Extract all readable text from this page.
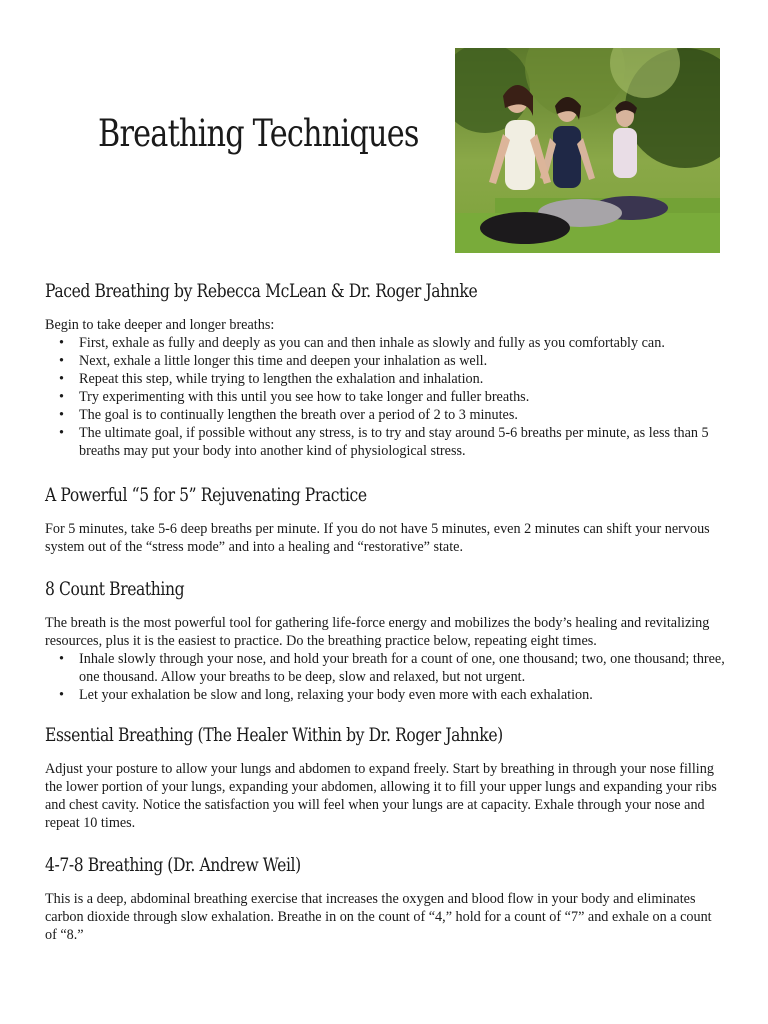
Breathing Techniques
Paced Breathing by Rebecca McLean & Dr. Roger Jahnke

Begin to take deeper and longer breaths:

• First, exhale as fully and deeply as you can and then inhale as slowly and fully as you comfortably can.
• Next, exhale a little longer this time and deepen your inhalation as well.
• Repeat this step, while trying to lengthen the exhalation and inhalation.
• Try experimenting with this until you see how to take longer and fuller breaths.
• The goal is to continually lengthen the breath over a period of 2 to 3 minutes.
• The ultimate goal, if possible without any stress, is to try and stay around 5-6 breaths per minute, as less than 5 breaths may put your body into another kind of physiological stress.
A Powerful “5 for 5” Rejuvenating Practice

For 5 minutes, take 5-6 deep breaths per minute. If you do not have 5 minutes, even 2 minutes can shift your nervous system out of the “stress mode” and into a healing and “restorative” state.

8 Count Breathing

The breath is the most powerful tool for gathering life-force energy and mobilizes the body’s healing and revitalizing resources, plus it is the easiest to practice. Do the breathing practice below, repeating eight times.

• Inhale slowly through your nose, and hold your breath for a count of one, one thousand; two, one thousand; three, one thousand. Allow your breaths to be deep, slow and relaxed, but not urgent.
• Let your exhalation be slow and long, relaxing your body even more with each exhalation.
Essential Breathing (The Healer Within by Dr. Roger Jahnke)

Adjust your posture to allow your lungs and abdomen to expand freely. Start by breathing in through your nose filling the lower portion of your lungs, expanding your abdomen, allowing it to fill your upper lungs and expanding your ribs and chest cavity. Notice the satisfaction you will feel when your lungs are at capacity. Exhale through your nose and repeat 10 times.

4-7-8 Breathing (Dr. Andrew Weil)

This is a deep, abdominal breathing exercise that increases the oxygen and blood flow in your body and eliminates carbon dioxide through slow exhalation. Breathe in on the count of “4,” hold for a count of “7” and exhale on a count of “8.”
